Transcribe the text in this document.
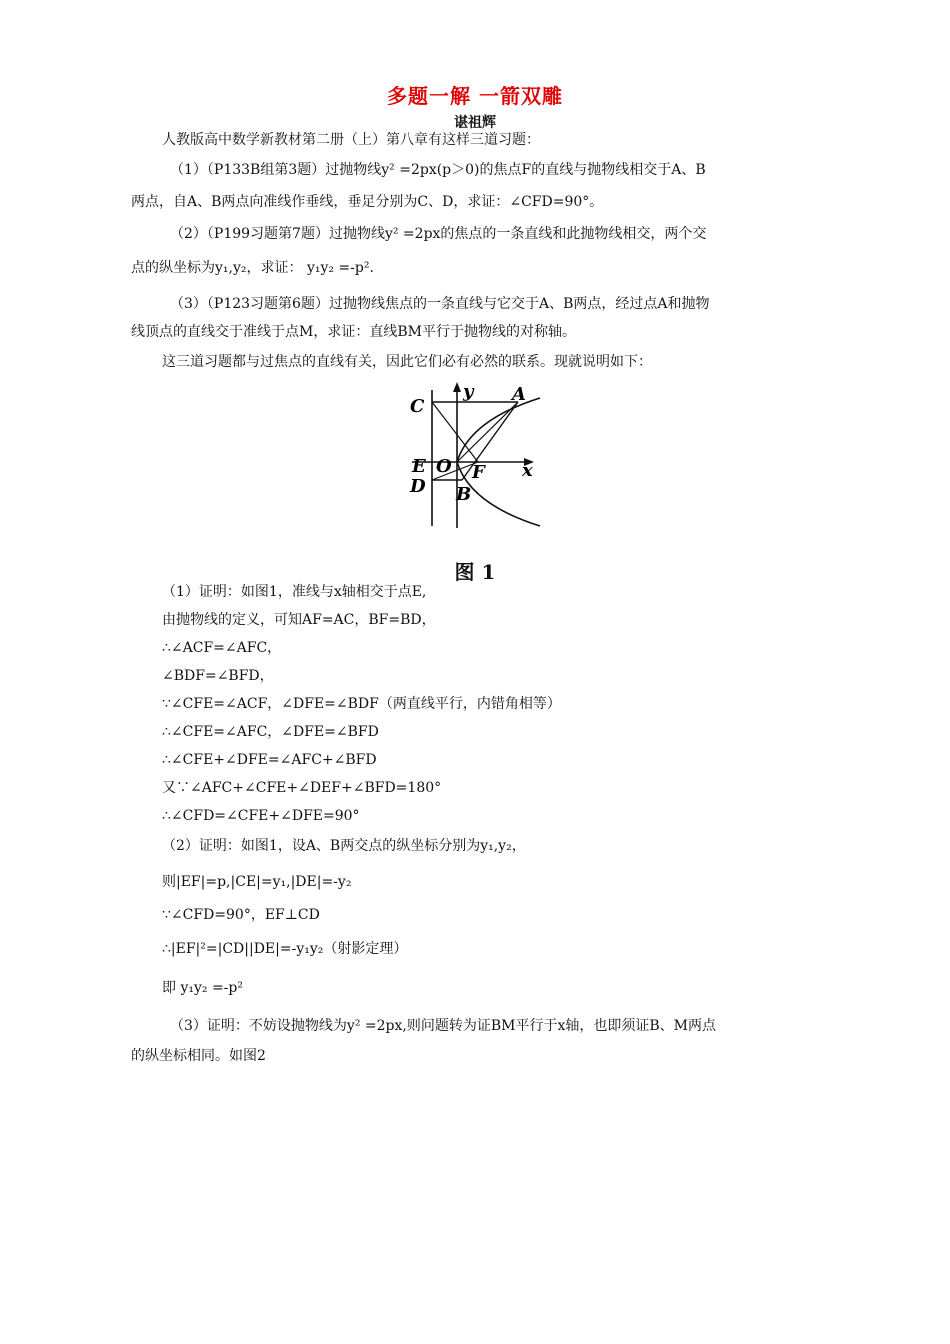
多题一解 一箭双雕
谌祖辉
人教版高中数学新教材第二册（上）第八章有这样三道习题：
（1）（P133B组第3题）过抛物线y² =2px(p＞0)的焦点F的直线与抛物线相交于A、B
两点，自A、B两点向准线作垂线，垂足分别为C、D，求证：∠CFD=90°。
（2）（P199习题第7题）过抛物线y² =2px的焦点的一条直线和此抛物线相交，两个交
点的纵坐标为y₁,y₂，求证： y₁y₂ =-p².
（3）（P123习题第6题）过抛物线焦点的一条直线与它交于A、B两点，经过点A和抛物
线顶点的直线交于准线于点M，求证：直线BM平行于抛物线的对称轴。
这三道习题都与过焦点的直线有关，因此它们必有必然的联系。现就说明如下：
C
y A
E O F x
D B
图 1
（1）证明：如图1，准线与x轴相交于点E,
由抛物线的定义，可知AF=AC，BF=BD，
∴∠ACF=∠AFC，
∠BDF=∠BFD，
∵∠CFE=∠ACF，∠DFE=∠BDF（两直线平行，内错角相等）
∴∠CFE=∠AFC，∠DFE=∠BFD
∴∠CFE+∠DFE=∠AFC+∠BFD
又∵∠AFC+∠CFE+∠DEF+∠BFD=180°
∴∠CFD=∠CFE+∠DFE=90°
（2）证明：如图1，设A、B两交点的纵坐标分别为y₁,y₂，
则|EF|=p,|CE|=y₁,|DE|=-y₂
∵∠CFD=90°，EF⊥CD
∴|EF|²=|CD||DE|=-y₁y₂（射影定理）
即 y₁y₂ =-p²
（3）证明：不妨设抛物线为y² =2px,则问题转为证BM平行于x轴，也即须证B、M两点
的纵坐标相同。如图2
